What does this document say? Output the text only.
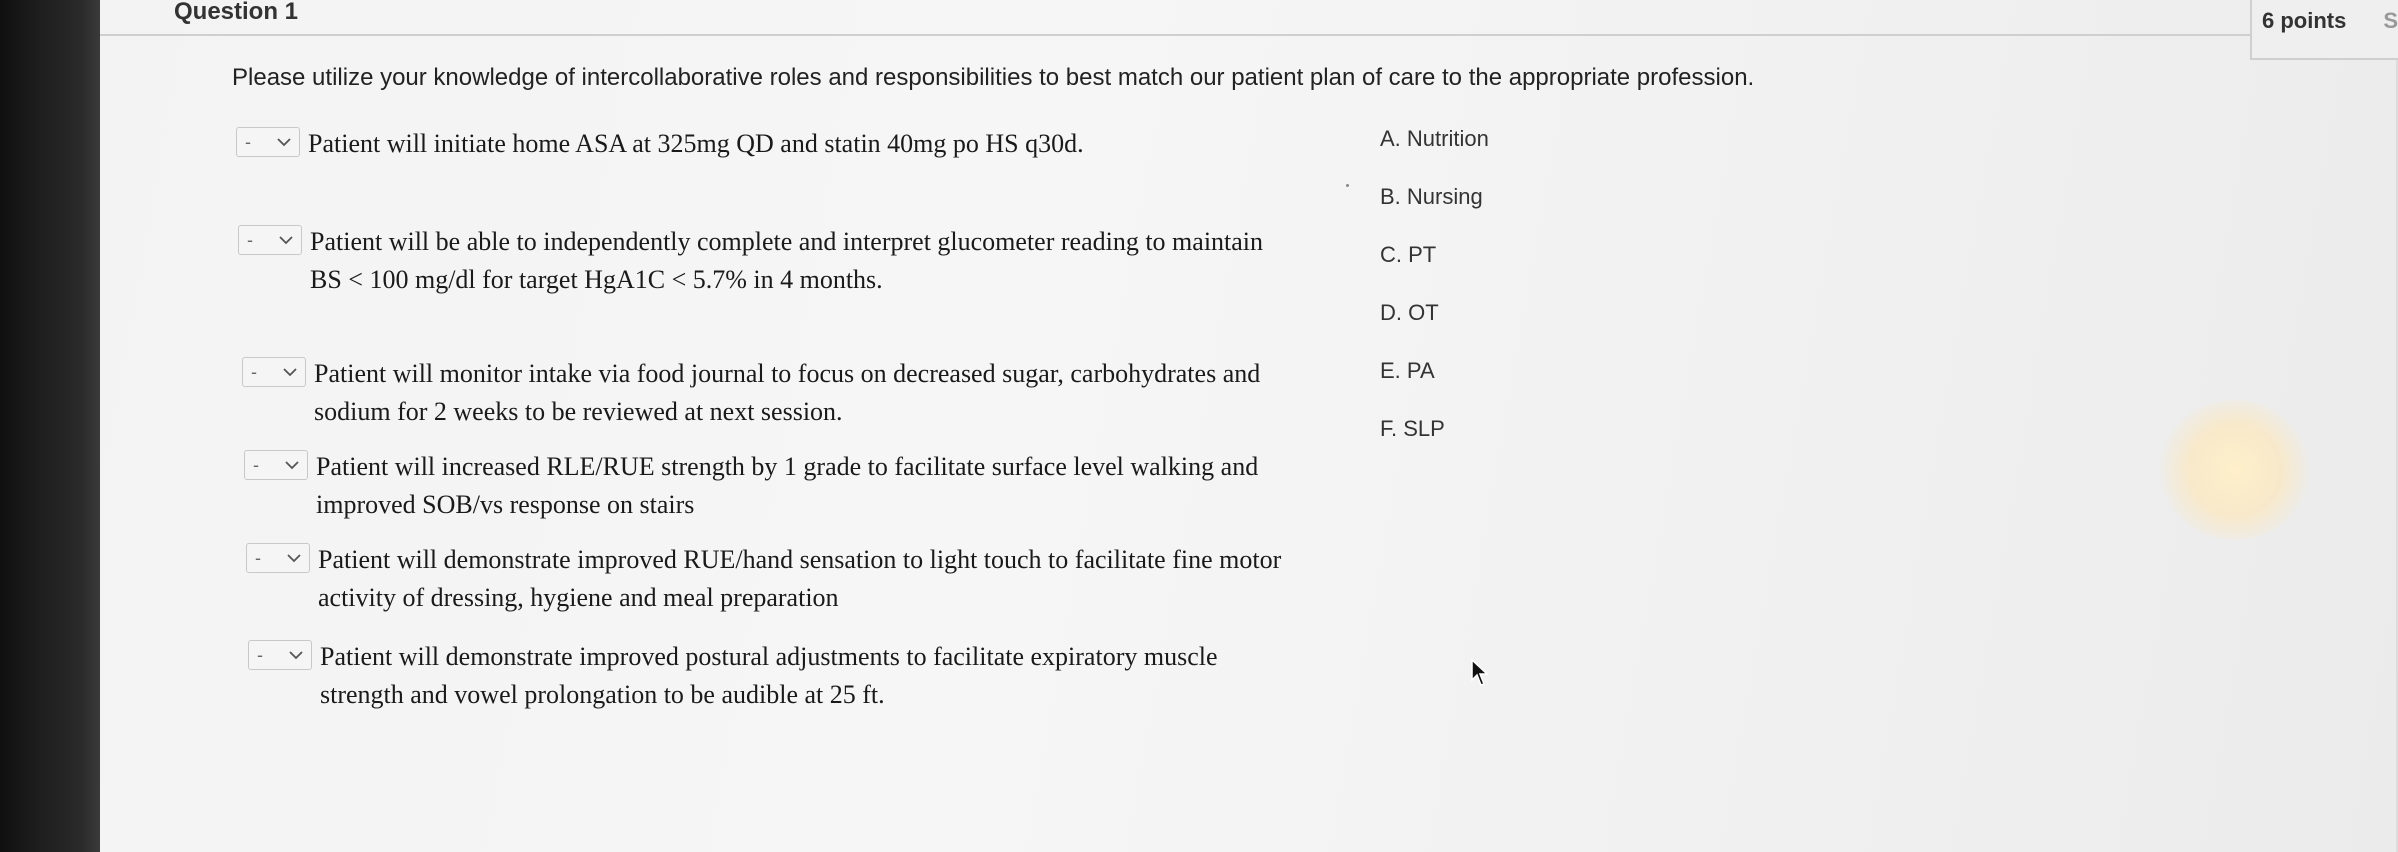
Question 1	6 points S
Please utilize your knowledge of intercollaborative roles and responsibilities to best match our patient plan of care to the appropriate profession.
- Patient will initiate home ASA at 325mg QD and statin 40mg po HS q30d.
- Patient will be able to independently complete and interpret glucometer reading to maintain
BS < 100 mg/dl for target HgA1C < 5.7% in 4 months.
- Patient will monitor intake via food journal to focus on decreased sugar, carbohydrates and
sodium for 2 weeks to be reviewed at next session.
- Patient will increased RLE/RUE strength by 1 grade to facilitate surface level walking and
improved SOB/vs response on stairs
- Patient will demonstrate improved RUE/hand sensation to light touch to facilitate fine motor
activity of dressing, hygiene and meal preparation
- Patient will demonstrate improved postural adjustments to facilitate expiratory muscle
strength and vowel prolongation to be audible at 25 ft.
A. Nutrition
B. Nursing
C. PT
D. OT
E. PA
F. SLP
